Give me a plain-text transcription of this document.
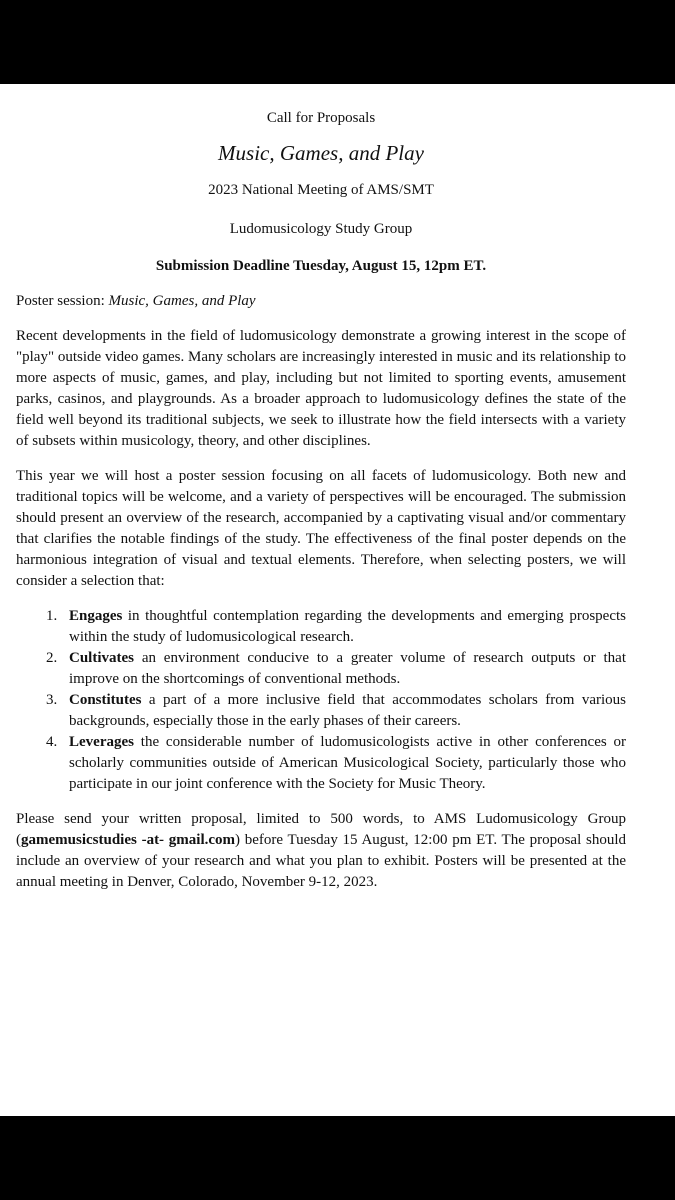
Call for Proposals
Music, Games, and Play
2023 National Meeting of AMS/SMT
Ludomusicology Study Group
Submission Deadline Tuesday, August 15, 12pm ET.

Poster session: Music, Games, and Play

Recent developments in the field of ludomusicology demonstrate a growing interest in the scope of "play" outside video games. Many scholars are increasingly interested in music and its relationship to more aspects of music, games, and play, including but not limited to sporting events, amusement parks, casinos, and playgrounds. As a broader approach to ludomusicology defines the state of the field well beyond its traditional subjects, we seek to illustrate how the field intersects with a variety of subsets within musicology, theory, and other disciplines.

This year we will host a poster session focusing on all facets of ludomusicology. Both new and traditional topics will be welcome, and a variety of perspectives will be encouraged. The submission should present an overview of the research, accompanied by a captivating visual and/or commentary that clarifies the notable findings of the study. The effectiveness of the final poster depends on the harmonious integration of visual and textual elements. Therefore, when selecting posters, we will consider a selection that:

1. Engages in thoughtful contemplation regarding the developments and emerging prospects within the study of ludomusicological research.
2. Cultivates an environment conducive to a greater volume of research outputs or that improve on the shortcomings of conventional methods.
3. Constitutes a part of a more inclusive field that accommodates scholars from various backgrounds, especially those in the early phases of their careers.
4. Leverages the considerable number of ludomusicologists active in other conferences or scholarly communities outside of American Musicological Society, particularly those who participate in our joint conference with the Society for Music Theory.

Please send your written proposal, limited to 500 words, to AMS Ludomusicology Group (gamemusicstudies -at- gmail.com) before Tuesday 15 August, 12:00 pm ET. The proposal should include an overview of your research and what you plan to exhibit. Posters will be presented at the annual meeting in Denver, Colorado, November 9-12, 2023.
